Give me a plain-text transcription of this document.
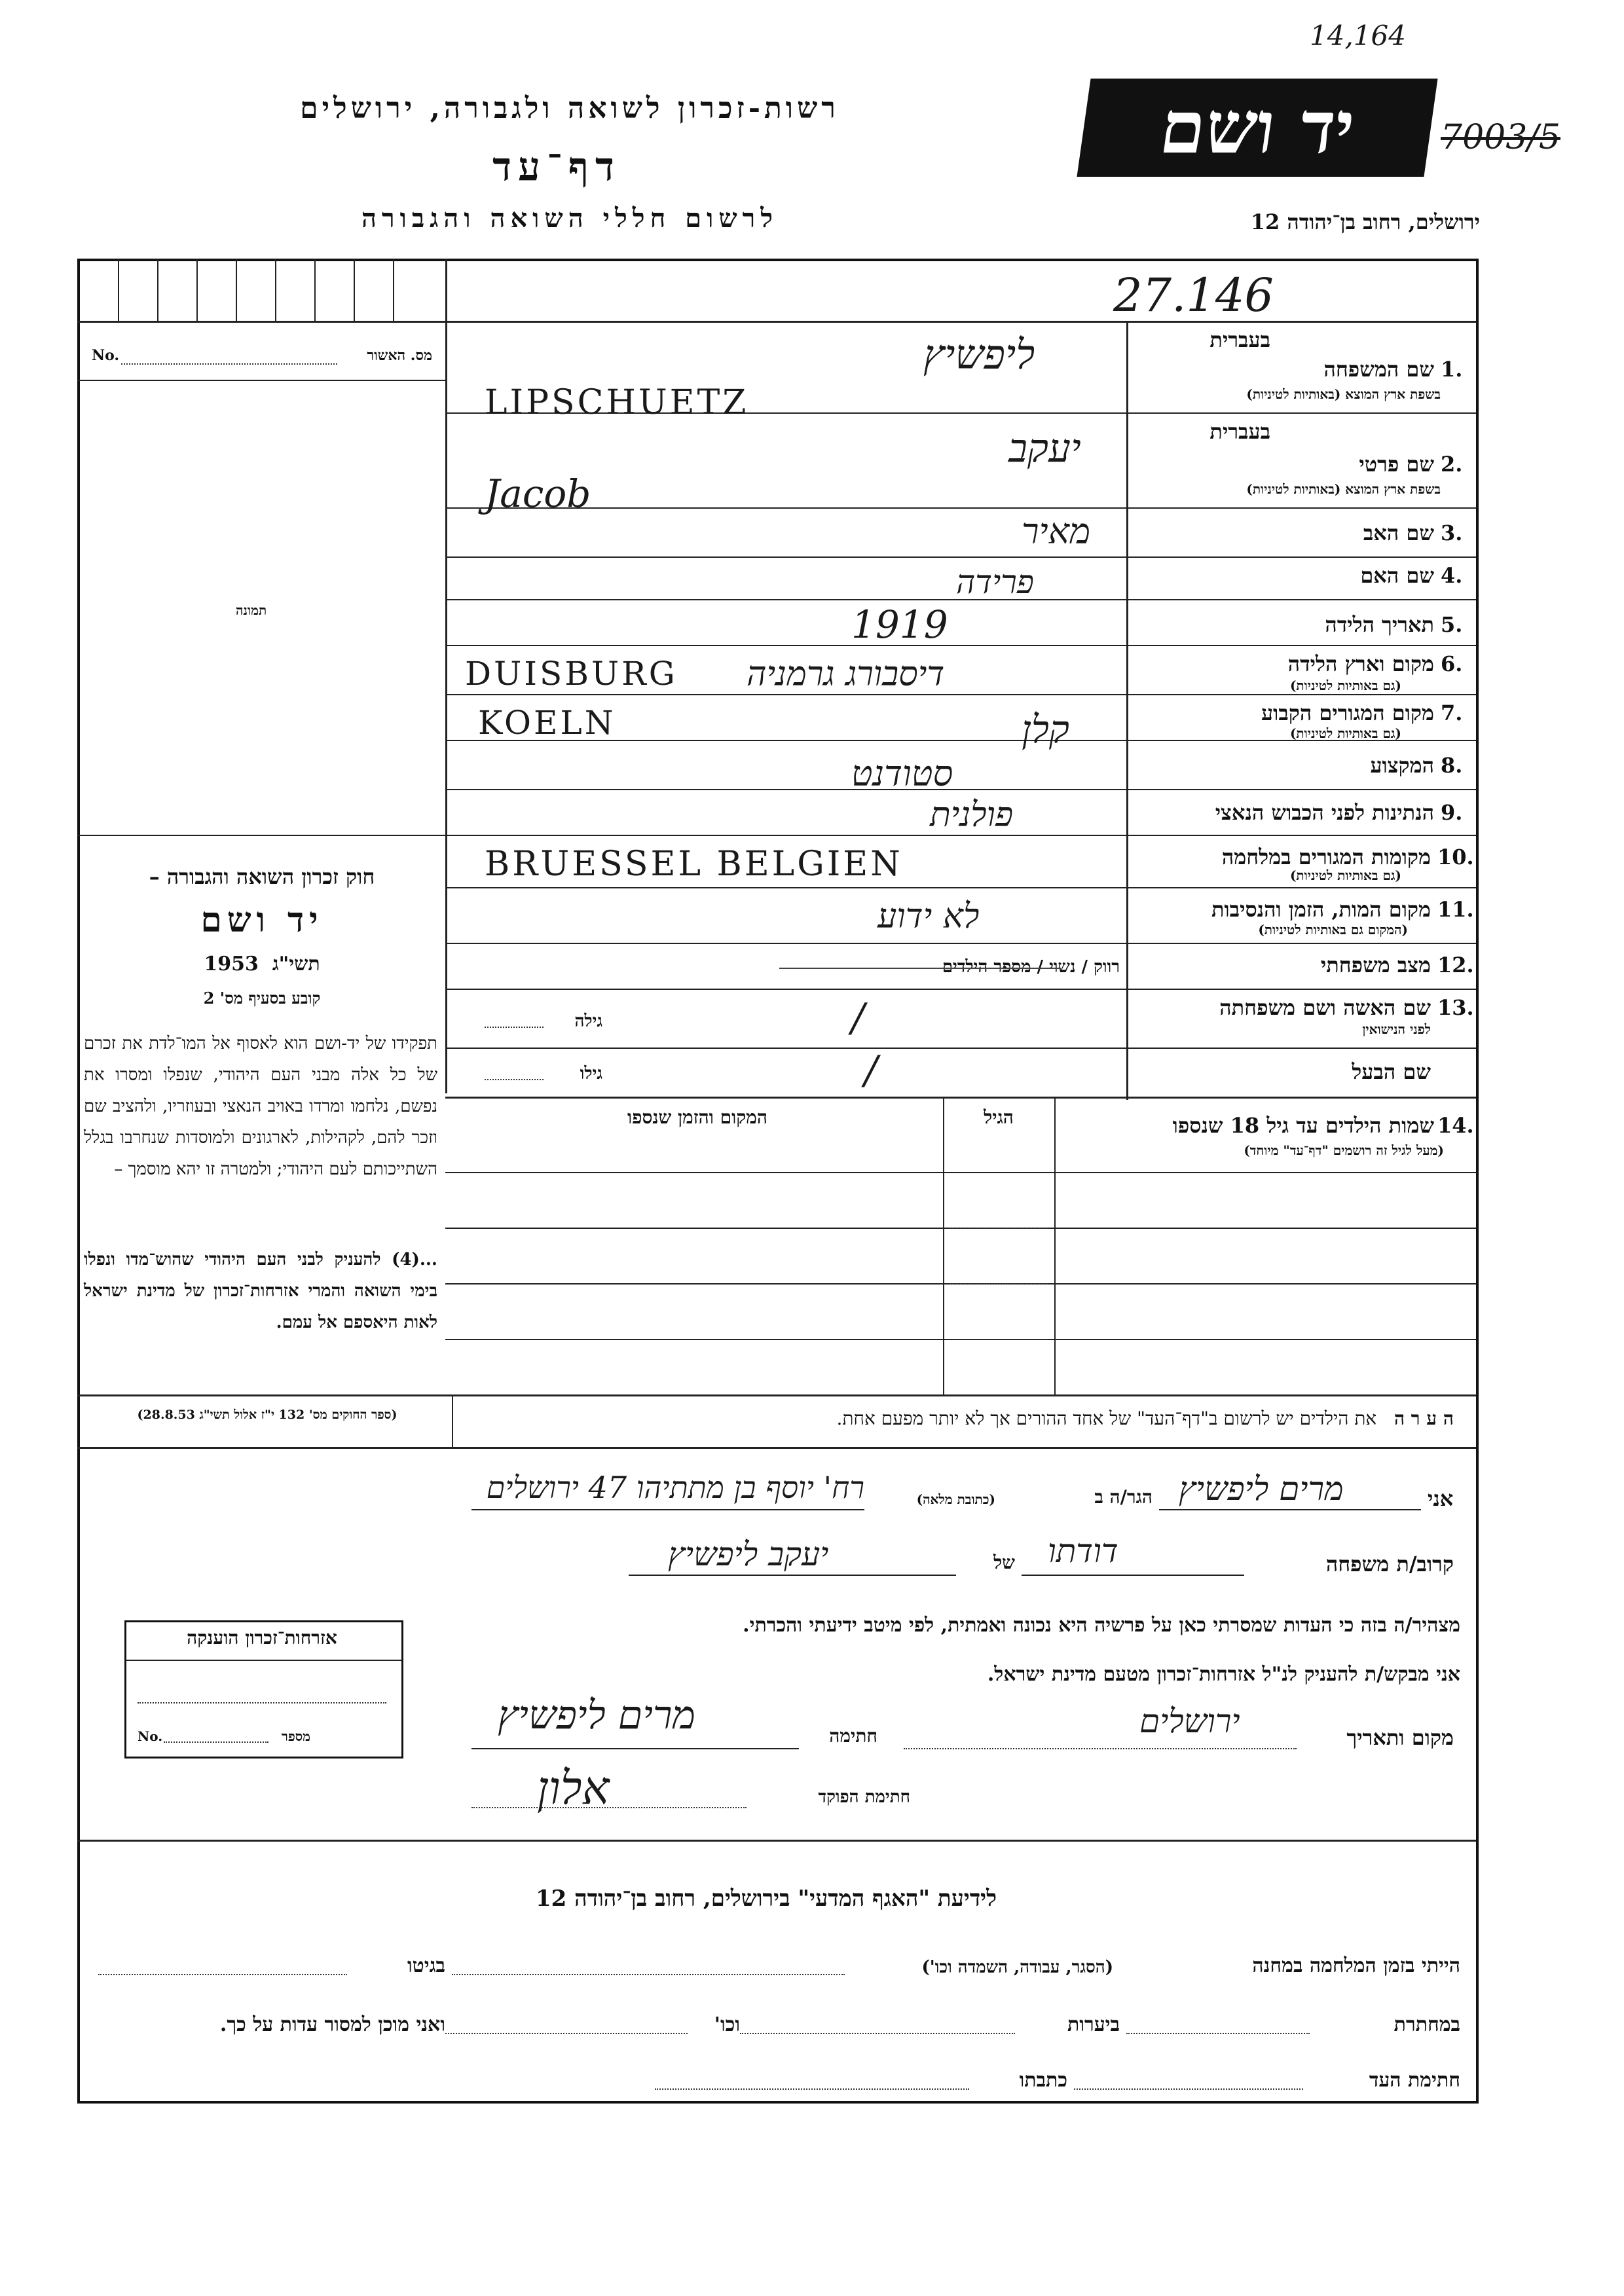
14,164
רשות-זכרון לשואה ולגבורה, ירושלים
דף־עד
לרשום חללי השואה והגבורה	ירושלים, רחוב בן־יהודה 12
יד ושם 7003/5
27.146
מס. האשור
No.
תמונה
חוק זכרון השואה והגבורה –
יד ושם
1953 תשי"ג
קובע בסעיף מס' 2
תפקידו של יד-ושם הוא לאסוף אל המו־לדת את זכרם של כל אלה מבני העם היהודי, שנפלו ומסרו את נפשם, נלחמו ומרדו באויב הנאצי ובעוזריו, ולהציב שם וזכר להם, לקהילות, לארגונים ולמוסדות שנחרבו בגלל השתייכותם לעם היהודי; ולמטרה זו יהא מוסמך –
...(4) להעניק לבני העם היהודי שהוש־מדו ונפלו בימי השואה והמרי אזרחות־זכרון של מדינת ישראל לאות היאספם אל עמם.
(ספר החוקים מס' 132 י"ז אלול תשי"ג 28.8.53)
אזרחות־זכרון הוענקה
מספר
No.
בעברית
1.
שם המשפחה
בשפת ארץ המוצא (באותיות לטיניות)
ליפשיץ
LIPSCHUETZ
בעברית
2.
שם פרטי
בשפת ארץ המוצא (באותיות לטיניות)
יעקב
Jacob
3.
שם האב
מאיר
4.
שם האם
פרידה
5.
תאריך הלידה
1919
6.
מקום וארץ הלידה
(גם באותיות לטיניות)
דיסבורג גרמניה
DUISBURG
7.
מקום המגורים הקבוע
(גם באותיות לטיניות)
קלן
KOELN
8.
המקצוע
סטודנט
9.
הנתינות לפני הכבוש הנאצי
פולנית
10.
מקומות המגורים במלחמה
(גם באותיות לטיניות)
BRUESSEL BELGIEN
11.
מקום המות, הזמן והנסיבות
(המקום גם באותיות לטיניות)
לא ידוע
12.
מצב משפחתי
רווק / נשוי / מספר הילדים
13.
שם האשה ושם משפחתה
לפני הנישואין
גילה	/
שם הבעל
גילו	/
14.
שמות הילדים עד גיל 18 שנספו
(מעל לגיל זה רושמים "דף־עד" מיוחד)
הגיל
המקום והזמן שנספו
ה ע ר ה   את הילדים יש לרשום ב"דף־העד" של אחד ההורים אך לא יותר מפעם אחת.
אני
מרים ליפשיץ
הגר/ה ב
(כתובת מלאה)
רח' יוסף בן מתתיהו 47 ירושלים
קרוב/ת משפחה
דודתו
של
יעקב ליפשיץ
מצהיר/ה בזה כי העדות שמסרתי כאן על פרשיה היא נכונה ואמתית, לפי מיטב ידיעתי והכרתי.
אני מבקש/ת להעניק לנ"ל אזרחות־זכרון מטעם מדינת ישראל.
מקום ותאריך
ירושלים
חתימה
מרים ליפשיץ
חתימת הפוקד
אלון
לידיעת "האגף המדעי" בירושלים, רחוב בן־יהודה 12
הייתי בזמן המלחמה במחנה
(הסגר, עבודה, השמדה וכו')
בגיטו
במחתרת
ביערות
וכו'
ואני מוכן למסור עדות על כך.
חתימת העד
כתבתו
